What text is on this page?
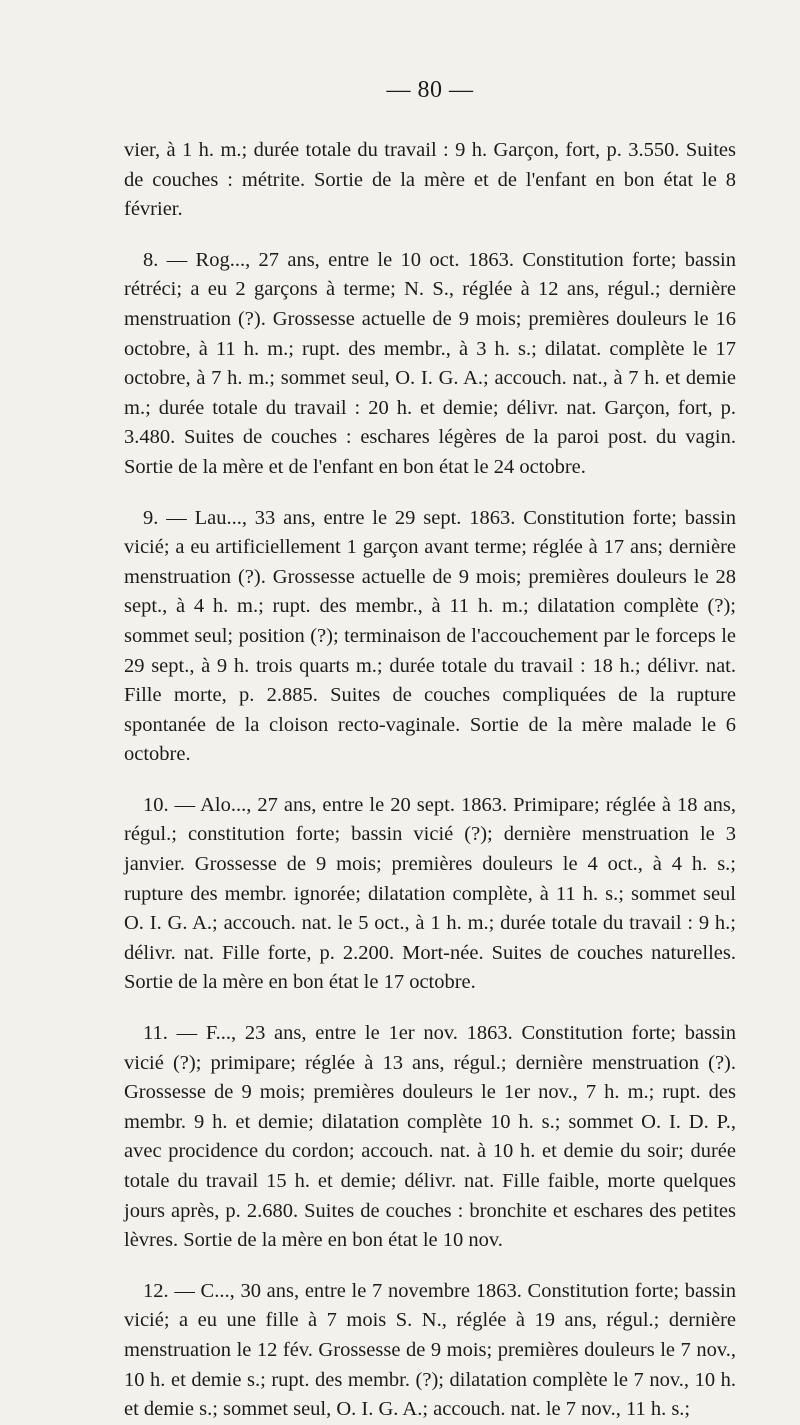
— 80 —

vier, à 1 h. m.; durée totale du travail : 9 h. Garçon, fort, p. 3.550. Suites de couches : métrite. Sortie de la mère et de l'enfant en bon état le 8 février.

8. — Rog..., 27 ans, entre le 10 oct. 1863. Constitution forte; bassin rétréci; a eu 2 garçons à terme; N. S., réglée à 12 ans, régul.; dernière menstruation (?). Grossesse actuelle de 9 mois; premières douleurs le 16 octobre, à 11 h. m.; rupt. des membr., à 3 h. s.; dilatat. complète le 17 octobre, à 7 h. m.; sommet seul, O. I. G. A.; accouch. nat., à 7 h. et demie m.; durée totale du travail : 20 h. et demie; délivr. nat. Garçon, fort, p. 3.480. Suites de couches : eschares légères de la paroi post. du vagin. Sortie de la mère et de l'enfant en bon état le 24 octobre.

9. — Lau..., 33 ans, entre le 29 sept. 1863. Constitution forte; bassin vicié; a eu artificiellement 1 garçon avant terme; réglée à 17 ans; dernière menstruation (?). Grossesse actuelle de 9 mois; premières douleurs le 28 sept., à 4 h. m.; rupt. des membr., à 11 h. m.; dilatation complète (?); sommet seul; position (?); terminaison de l'accouchement par le forceps le 29 sept., à 9 h. trois quarts m.; durée totale du travail : 18 h.; délivr. nat. Fille morte, p. 2.885. Suites de couches compliquées de la rupture spontanée de la cloison recto-vaginale. Sortie de la mère malade le 6 octobre.

10. — Alo..., 27 ans, entre le 20 sept. 1863. Primipare; réglée à 18 ans, régul.; constitution forte; bassin vicié (?); dernière menstruation le 3 janvier. Grossesse de 9 mois; premières douleurs le 4 oct., à 4 h. s.; rupture des membr. ignorée; dilatation complète, à 11 h. s.; sommet seul O. I. G. A.; accouch. nat. le 5 oct., à 1 h. m.; durée totale du travail : 9 h.; délivr. nat. Fille forte, p. 2.200. Mort-née. Suites de couches naturelles. Sortie de la mère en bon état le 17 octobre.

11. — F..., 23 ans, entre le 1er nov. 1863. Constitution forte; bassin vicié (?); primipare; réglée à 13 ans, régul.; dernière menstruation (?). Grossesse de 9 mois; premières douleurs le 1er nov., 7 h. m.; rupt. des membr. 9 h. et demie; dilatation complète 10 h. s.; sommet O. I. D. P., avec procidence du cordon; accouch. nat. à 10 h. et demie du soir; durée totale du travail 15 h. et demie; délivr. nat. Fille faible, morte quelques jours après, p. 2.680. Suites de couches : bronchite et eschares des petites lèvres. Sortie de la mère en bon état le 10 nov.

12. — C..., 30 ans, entre le 7 novembre 1863. Constitution forte; bassin vicié; a eu une fille à 7 mois S. N., réglée à 19 ans, régul.; dernière menstruation le 12 fév. Grossesse de 9 mois; premières douleurs le 7 nov., 10 h. et demie s.; rupt. des membr. (?); dilatation complète le 7 nov., 10 h. et demie s.; sommet seul, O. I. G. A.; accouch. nat. le 7 nov., 11 h. s.;
